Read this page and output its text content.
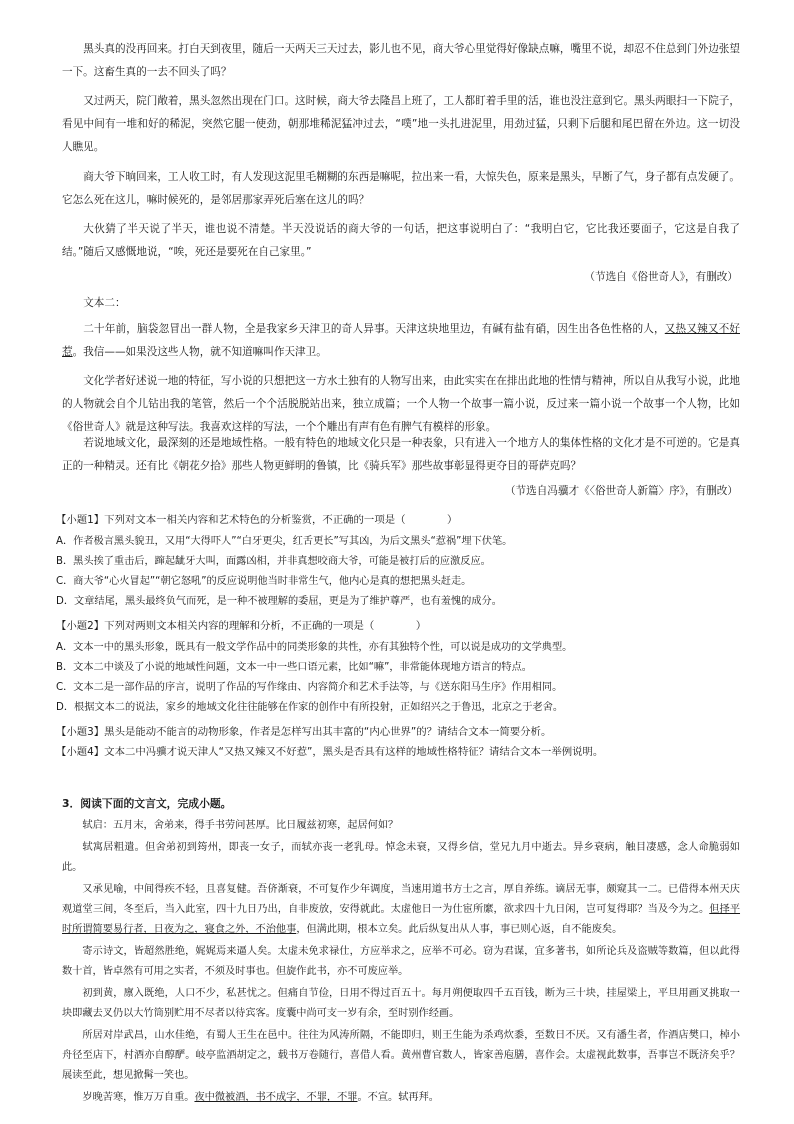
黑头真的没再回来。打白天到夜里，随后一天两天三天过去，影儿也不见，商大爷心里觉得好像缺点嘛，嘴里不说，却忍不住总到门外边张望一下。这畜生真的一去不回头了吗？

又过两天，院门敞着，黑头忽然出现在门口。这时候，商大爷去隆昌上班了，工人都盯着手里的活，谁也没注意到它。黑头两眼扫一下院子，看见中间有一堆和好的稀泥，突然它腿一使劲，朝那堆稀泥猛冲过去，“噗”地一头扎进泥里，用劲过猛，只剩下后腿和尾巴留在外边。这一切没人瞧见。

商大爷下晌回来，工人收工时，有人发现这泥里毛糊糊的东西是嘛呢，拉出来一看，大惊失色，原来是黑头，早断了气，身子都有点发硬了。它怎么死在这儿，嘛时候死的，是邻居那家弄死后塞在这儿的吗？

大伙猜了半天说了半天，谁也说不清楚。半天没说话的商大爷的一句话，把这事说明白了：“我明白它，它比我还要面子，它这是自我了结。”随后又感慨地说，“唉，死还是要死在自己家里。”

（节选自《俗世奇人》，有删改）

文本二：

二十年前，脑袋忽冒出一群人物，全是我家乡天津卫的奇人异事。天津这块地里边，有碱有盐有硝，因生出各色性格的人，又热又辣又不好惹。我信——如果没这些人物，就不知道嘛叫作天津卫。

文化学者好述说一地的特征，写小说的只想把这一方水土独有的人物写出来，由此实实在在排出此地的性情与精神，所以自从我写小说，此地的人物就会自个儿钻出我的笔管，然后一个个活脱脱站出来，独立成篇；一个人物一个故事一篇小说，反过来一篇小说一个故事一个人物，比如《俗世奇人》就是这种写法。我喜欢这样的写法，一个个雕出有声有色有脾气有模样的形象。

若说地域文化，最深刻的还是地域性格。一般有特色的地域文化只是一种表象，只有进入一个地方人的集体性格的文化才是不可逆的。它是真正的一种精灵。还有比《朝花夕拾》那些人物更鲜明的鲁镇，比《骑兵军》那些故事彰显得更夺目的哥萨克吗？

（节选自冯骥才《〈俗世奇人新篇〉序》，有删改）

【小题1】下列对文本一相关内容和艺术特色的分析鉴赏，不正确的一项是（　　　　）

A．作者极言黑头貌丑，又用“大得吓人”“白牙更尖，红舌更长”写其凶，为后文黑头“惹祸”埋下伏笔。

B．黑头挨了重击后，蹿起龇牙大叫，面露凶相，并非真想咬商大爷，可能是被打后的应激反应。

C．商大爷“心火冒起”“朝它怒吼”的反应说明他当时非常生气，他内心是真的想把黑头赶走。

D．文章结尾，黑头最终负气而死，是一种不被理解的委屈，更是为了维护尊严，也有羞愧的成分。

【小题2】下列对两则文本相关内容的理解和分析，不正确的一项是（　　　　）

A．文本一中的黑头形象，既具有一般文学作品中的同类形象的共性，亦有其独特个性，可以说是成功的文学典型。

B．文本二中谈及了小说的地域性问题，文本一中一些口语元素，比如“嘛”，非常能体现地方语言的特点。

C．文本二是一部作品的序言，说明了作品的写作缘由、内容简介和艺术手法等，与《送东阳马生序》作用相同。

D．根据文本二的说法，家乡的地域文化往往能够在作家的创作中有所投射，正如绍兴之于鲁迅，北京之于老舍。

【小题3】黑头是能动不能言的动物形象，作者是怎样写出其丰富的“内心世界”的？请结合文本一简要分析。

【小题4】文本二中冯骥才说天津人“又热又辣又不好惹”，黑头是否具有这样的地域性格特征？请结合文本一举例说明。

3．阅读下面的文言文，完成小题。

轼启：五月末，舍弟来，得手书劳问甚厚。比日履兹初寒，起居何如？

轼寓居粗遣。但舍弟初到筠州，即丧一女子，而轼亦丧一老乳母。悼念未衰，又得乡信，堂兄九月中逝去。异乡衰病，触目凄感，念人命脆弱如此。

又承见喻，中间得疾不轻，且喜复健。吾侪渐衰，不可复作少年调度，当速用道书方士之言，厚自养练。谪居无事，颇窥其一二。已借得本州天庆观道堂三间，冬至后，当入此室，四十九日乃出，自非废放，安得就此。太虚他日一为仕宦所縻，欲求四十九日闲，岂可复得耶？当及今为之。但择平时所谓简要易行者，日夜为之，寝食之外，不治他事，但满此期，根本立矣。此后纵复出从人事，事已则心返，自不能废矣。

寄示诗文，皆超然胜绝，娓娓焉来逼人矣。太虚未免求禄仕，方应举求之，应举不可必。窃为君谋，宜多著书，如所论兵及盗贼等数篇，但以此得数十首，皆卓然有可用之实者，不须及时事也。但旋作此书，亦不可废应举。

初到黄，廪入既绝，人口不少，私甚忧之。但痛自节俭，日用不得过百五十。每月朔便取四千五百钱，断为三十块，挂屋梁上，平旦用画叉挑取一块即藏去叉仍以大竹筒别贮用不尽者以待宾客。度囊中尚可支一岁有余，至时别作经画。

所居对岸武昌，山水佳绝，有蜀人王生在邑中。往往为风涛所隔，不能即归，则王生能为杀鸡炊黍，至数日不厌。又有潘生者，作酒店樊口，棹小舟径至店下，村酒亦自醇酽。岐亭监酒胡定之，载书万卷随行，喜借人看。黄州曹官数人，皆家善庖膳，喜作会。太虚视此数事，吾事岂不既济矣乎？展读至此，想见掀髯一笑也。

岁晚苦寒，惟万万自重。夜中微被酒，书不成字，不罪，不罪。不宣。轼再拜。
